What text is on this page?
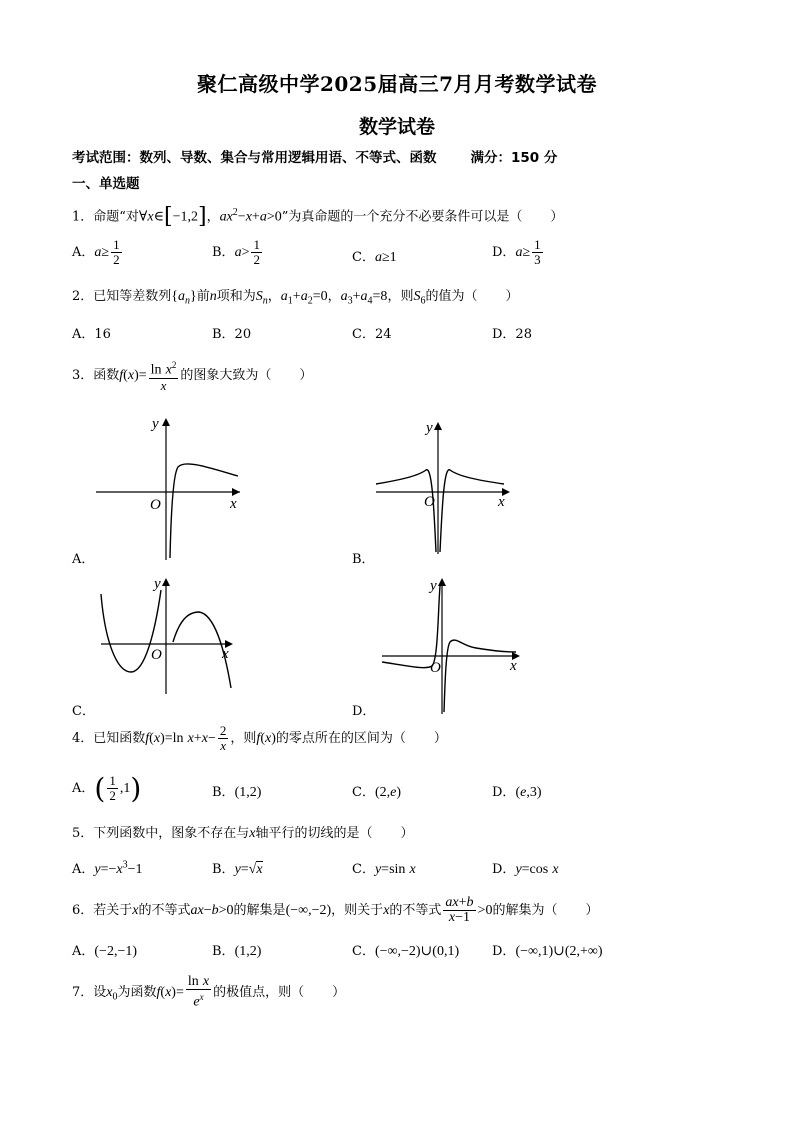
聚仁高级中学2025届高三7月月考数学试卷
数学试卷
考试范围：数列、导数、集合与常用逻辑用语、不等式、函数	满分：150 分
一、单选题
1．命题“对∀x∈[−1,2]，$ax^2-x+a>0$”为真命题的一个充分不必要条件可以是（ ）
A．$a\ge \frac{1}{2}$	B．$a> \frac{1}{2}$	C．a≥1	D．$a\ge \frac{1}{3}$
2．已知等差数列$\{a_n\}$前n项和为$S_n$，$a_1+a_2=0$，$a_3+a_4=8$，则$S_6$的值为（ ）
A．16	B．20	C．24	D．28
3．函数$f(x)= \frac{\ln x^2}{x}$ 的图象大致为（ ）
y
x
O
A．
y
x
O
B．
y
x
O
C．
y
x
O
D．
4．已知函数f(x)=ln $x+x- \frac{2}{x}$ ，则f(x)的零点所在的区间为（ ）
A．( $\frac{1}{2} ,1$)	B．(1,2)	C．(2,e)	D．(e,3)
5．下列函数中，图象不存在与x轴平行的切线的是（ ）
A．$y=-x^3-1$	B．y=√x	C．y=sin x	D．y=cos x
6．若关于x的不等式ax−b>0的解集是(−∞,−2)，则关于x的不等式 $\frac{ax+b}{x-1} >0$的解集为（ ）
A．(−2,−1)	B．(1,2)	C．(−∞,−2)∪(0,1)	D．(−∞,1)∪(2,+∞)
7．设$x_0$为函数$f(x)= \frac{\text{ln x}}{e^x}$ 的极值点，则（ ）
